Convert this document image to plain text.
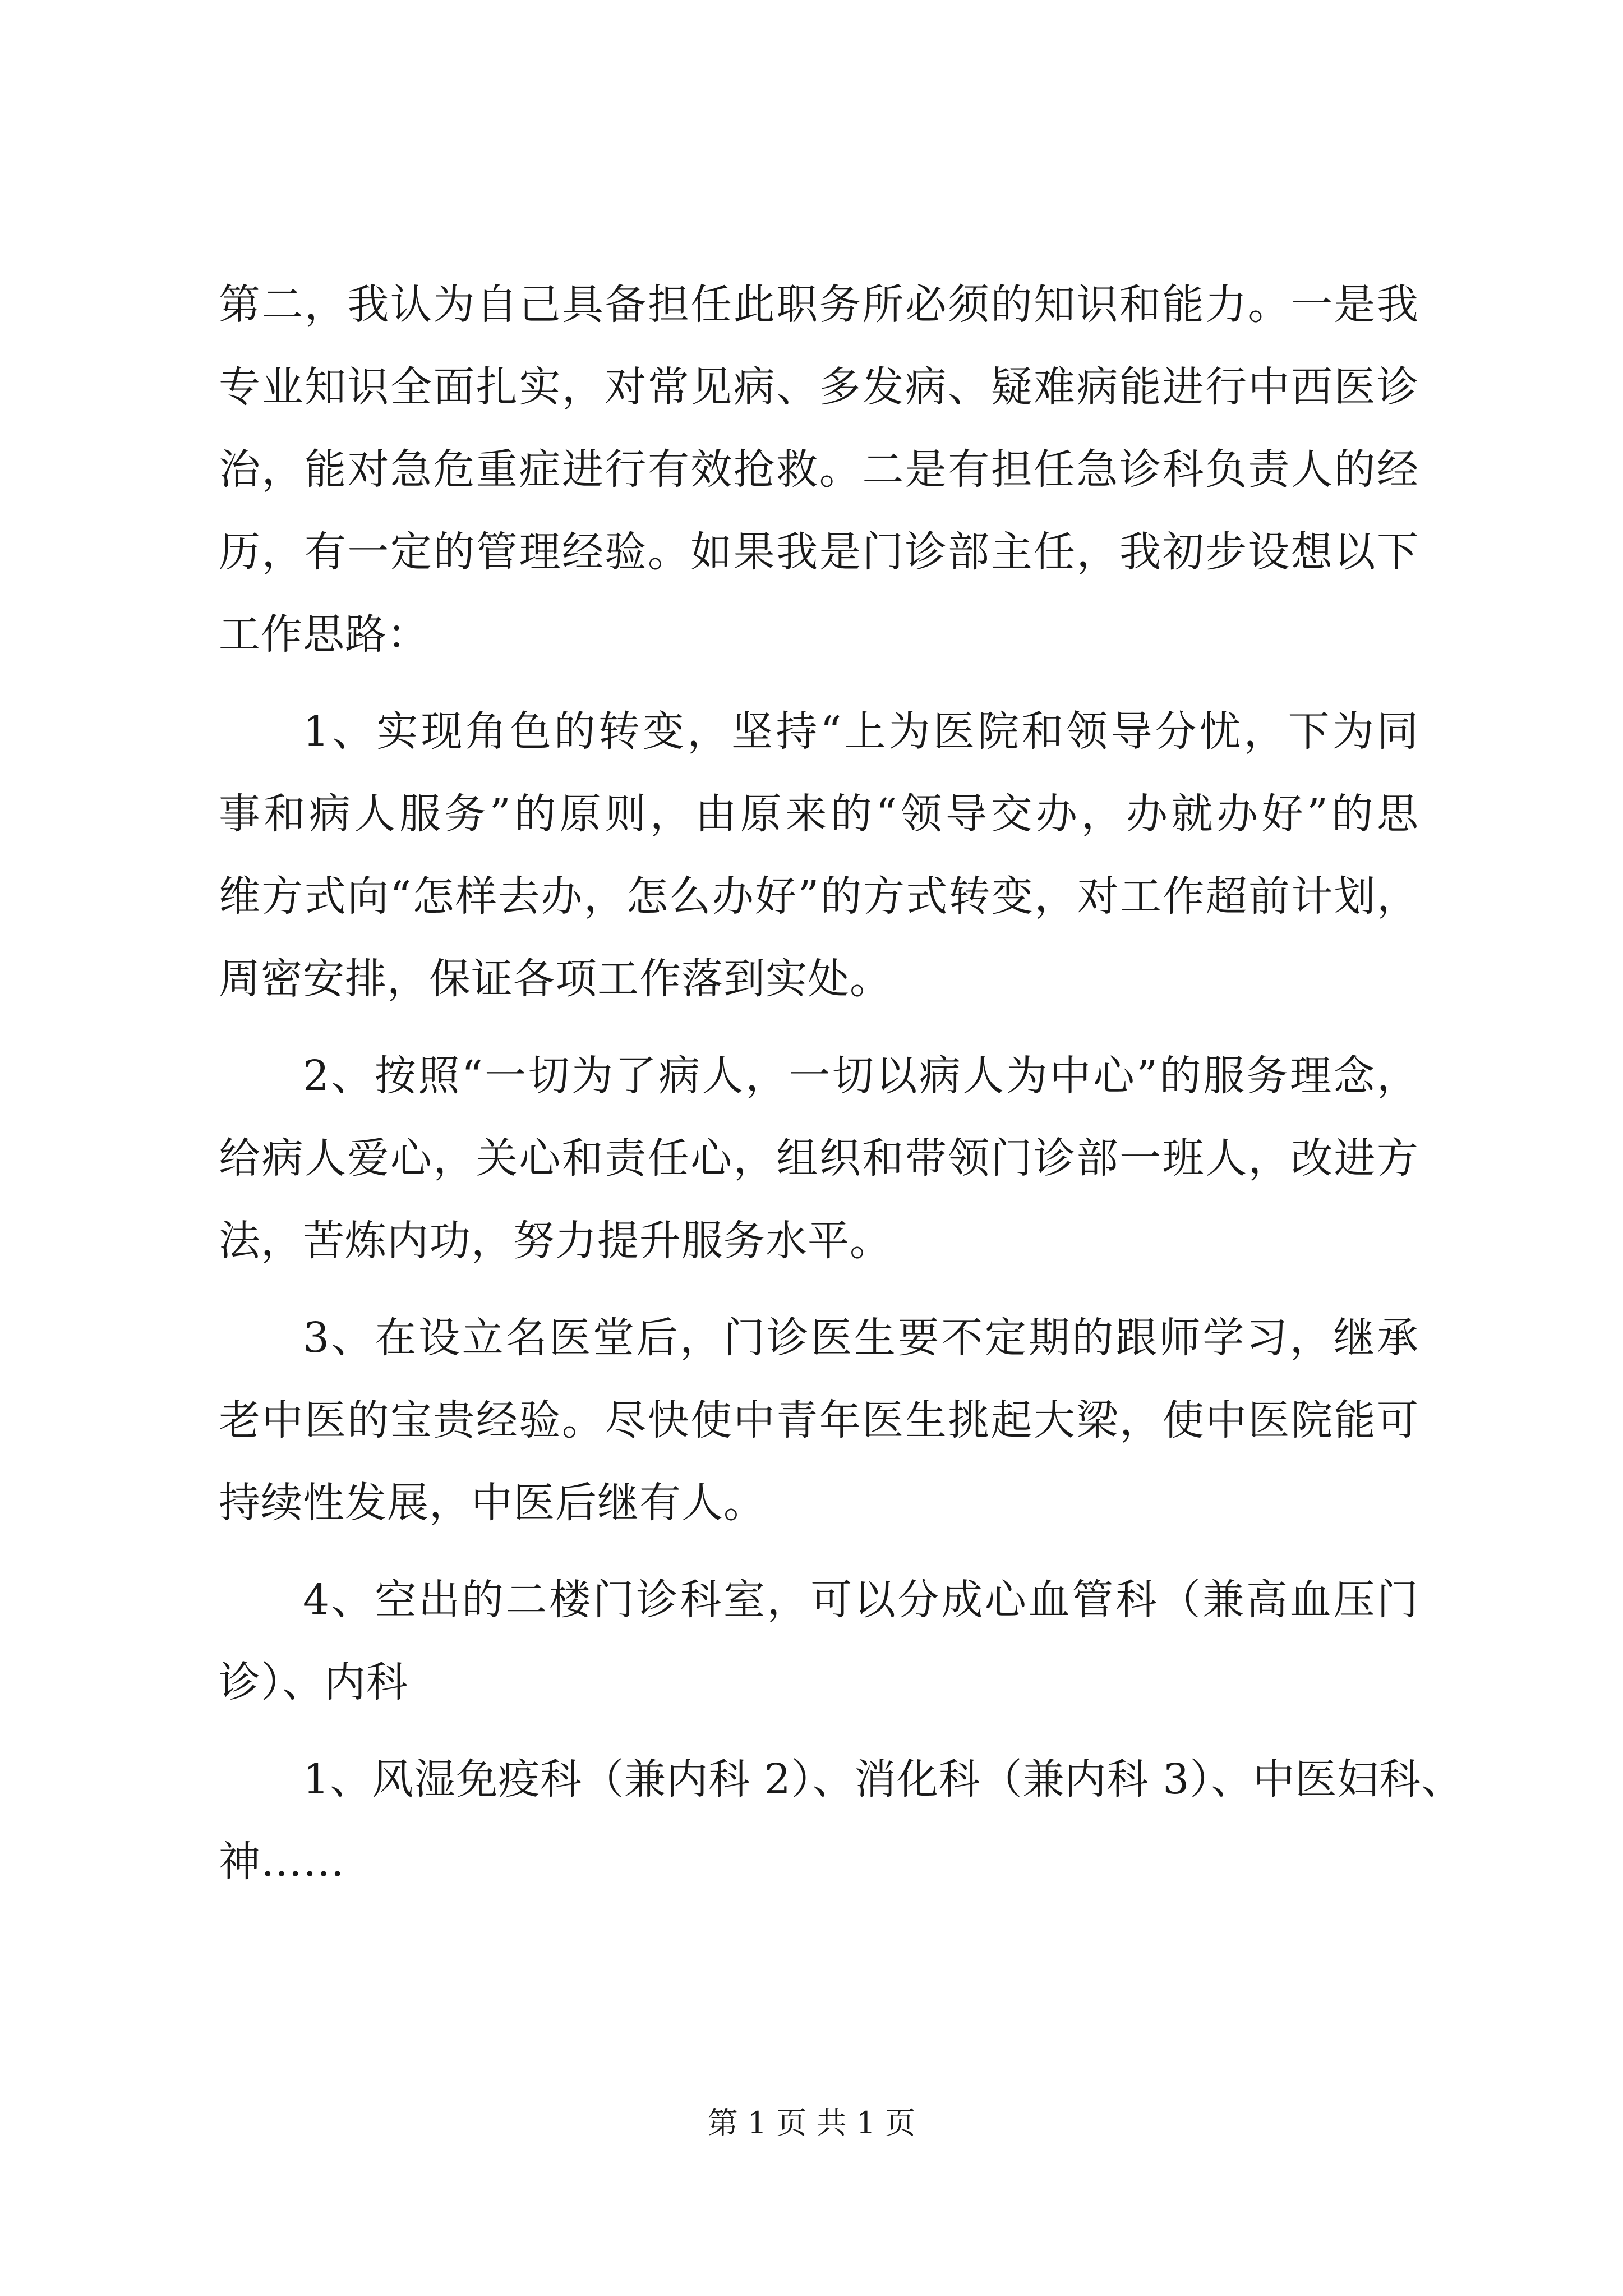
第二，我认为自己具备担任此职务所必须的知识和能力。一是我
专业知识全面扎实，对常见病、多发病、疑难病能进行中西医诊
治，能对急危重症进行有效抢救。二是有担任急诊科负责人的经
历，有一定的管理经验。如果我是门诊部主任，我初步设想以下
工作思路：
1、实现角色的转变，坚持“上为医院和领导分忧，下为同
事和病人服务”的原则，由原来的“领导交办，办就办好”的思
维方式向“怎样去办，怎么办好”的方式转变，对工作超前计划，
周密安排，保证各项工作落到实处。
2、按照“一切为了病人，一切以病人为中心”的服务理念，
给病人爱心，关心和责任心，组织和带领门诊部一班人，改进方
法，苦炼内功，努力提升服务水平。
3、在设立名医堂后，门诊医生要不定期的跟师学习，继承
老中医的宝贵经验。尽快使中青年医生挑起大梁，使中医院能可
持续性发展，中医后继有人。
4、空出的二楼门诊科室，可以分成心血管科（兼高血压门
诊）、内科
1、风湿免疫科（兼内科 2）、消化科（兼内科 3）、中医妇科、
神……
第 1 页 共 1 页
